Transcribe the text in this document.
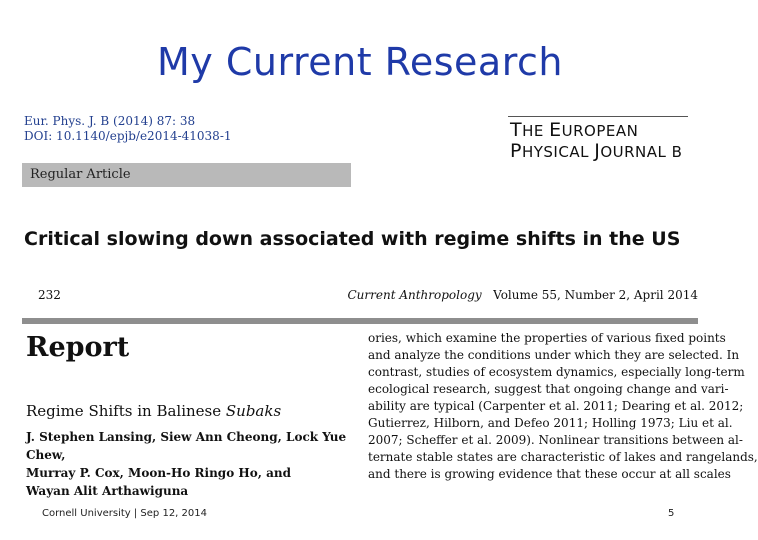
My Current Research
Eur. Phys. J. B (2014) 87: 38
DOI: 10.1140/epjb/e2014-41038-1	THE EUROPEAN
PHYSICAL JOURNAL B
Regular Article
Critical slowing down associated with regime shifts in the US
232	Current Anthropology Volume 55, Number 2, April 2014
Report
Regime Shifts in Balinese Subaks
J. Stephen Lansing, Siew Ann Cheong, Lock Yue Chew,
Murray P. Cox, Moon-Ho Ringo Ho, and
Wayan Alit Arthawiguna
ories, which examine the properties of various fixed points
and analyze the conditions under which they are selected. In
contrast, studies of ecosystem dynamics, especially long-term
ecological research, suggest that ongoing change and vari-
ability are typical (Carpenter et al. 2011; Dearing et al. 2012;
Gutierrez, Hilborn, and Defeo 2011; Holling 1973; Liu et al.
2007; Scheffer et al. 2009). Nonlinear transitions between al-
ternate stable states are characteristic of lakes and rangelands,
and there is growing evidence that these occur at all scales
Cornell University | Sep 12, 2014	5
